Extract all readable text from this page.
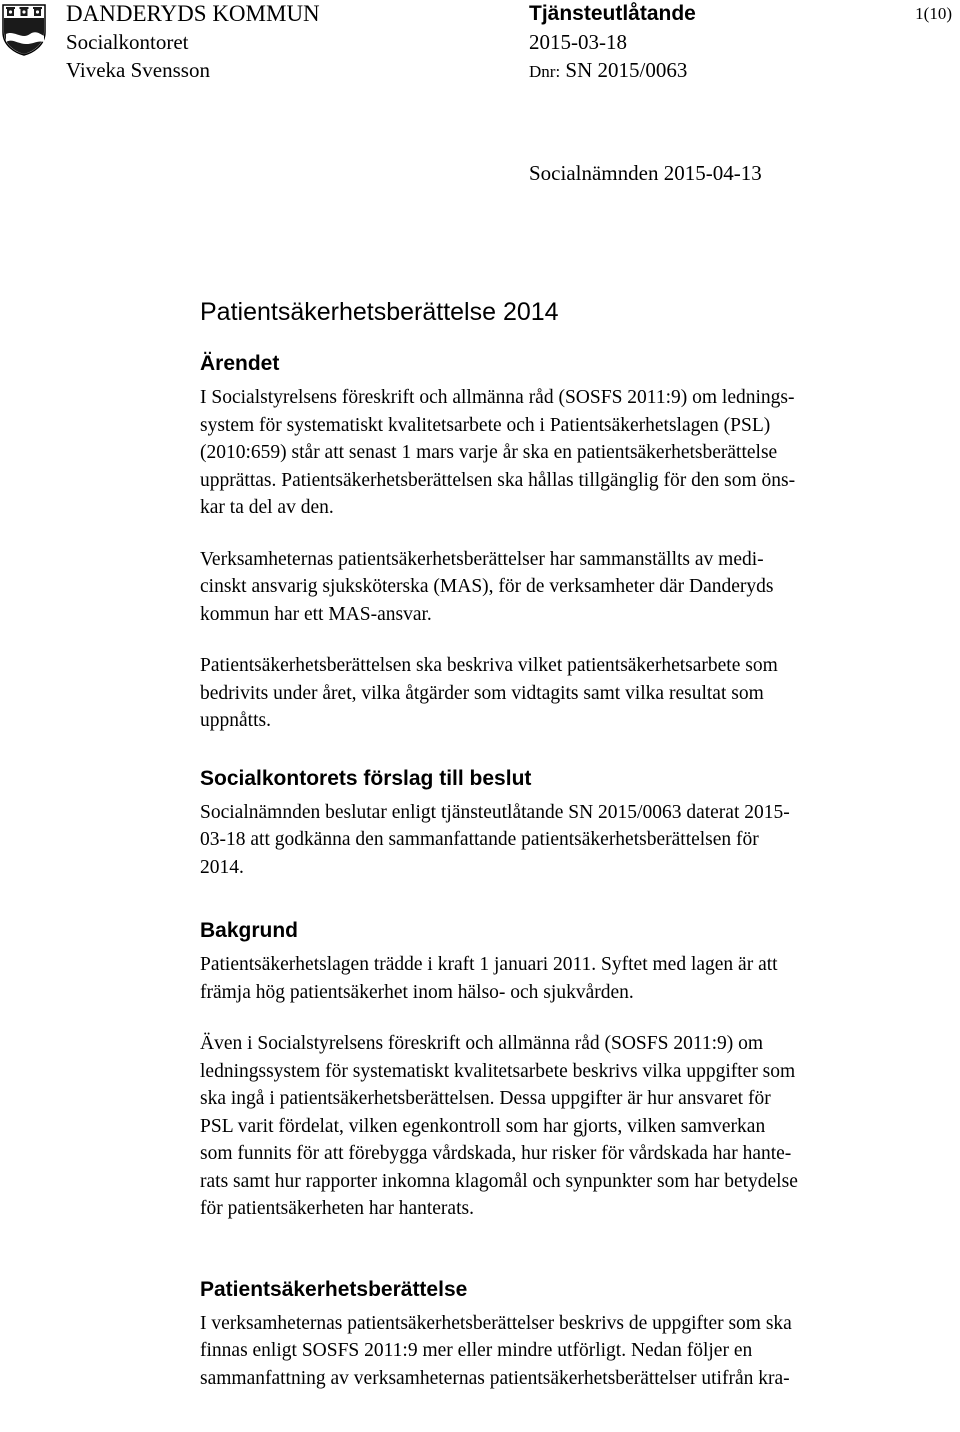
DANDERYDS KOMMUN
Socialkontoret
Viveka Svensson
Tjänsteutlåtande
2015-03-18
Dnr: SN 2015/0063
1(10)
Socialnämnden 2015-04-13
Patientsäkerhetsberättelse 2014
Ärendet

I Socialstyrelsens föreskrift och allmänna råd (SOSFS 2011:9) om lednings-
system för systematiskt kvalitetsarbete och i Patientsäkerhetslagen (PSL)
(2010:659) står att senast 1 mars varje år ska en patientsäkerhetsberättelse
upprättas. Patientsäkerhetsberättelsen ska hållas tillgänglig för den som öns-
kar ta del av den.

Verksamheternas patientsäkerhetsberättelser har sammanställts av medi-
cinskt ansvarig sjuksköterska (MAS), för de verksamheter där Danderyds
kommun har ett MAS-ansvar.

Patientsäkerhetsberättelsen ska beskriva vilket patientsäkerhetsarbete som
bedrivits under året, vilka åtgärder som vidtagits samt vilka resultat som
uppnåtts.

Socialkontorets förslag till beslut

Socialnämnden beslutar enligt tjänsteutlåtande SN 2015/0063 daterat 2015-
03-18 att godkänna den sammanfattande patientsäkerhetsberättelsen för
2014.

Bakgrund

Patientsäkerhetslagen trädde i kraft 1 januari 2011. Syftet med lagen är att
främja hög patientsäkerhet inom hälso- och sjukvården.

Även i Socialstyrelsens föreskrift och allmänna råd (SOSFS 2011:9) om
ledningssystem för systematiskt kvalitetsarbete beskrivs vilka uppgifter som
ska ingå i patientsäkerhetsberättelsen. Dessa uppgifter är hur ansvaret för
PSL varit fördelat, vilken egenkontroll som har gjorts, vilken samverkan
som funnits för att förebygga vårdskada, hur risker för vårdskada har hante-
rats samt hur rapporter inkomna klagomål och synpunkter som har betydelse
för patientsäkerheten har hanterats.

Patientsäkerhetsberättelse

I verksamheternas patientsäkerhetsberättelser beskrivs de uppgifter som ska
finnas enligt SOSFS 2011:9 mer eller mindre utförligt. Nedan följer en
sammanfattning av verksamheternas patientsäkerhetsberättelser utifrån kra-
